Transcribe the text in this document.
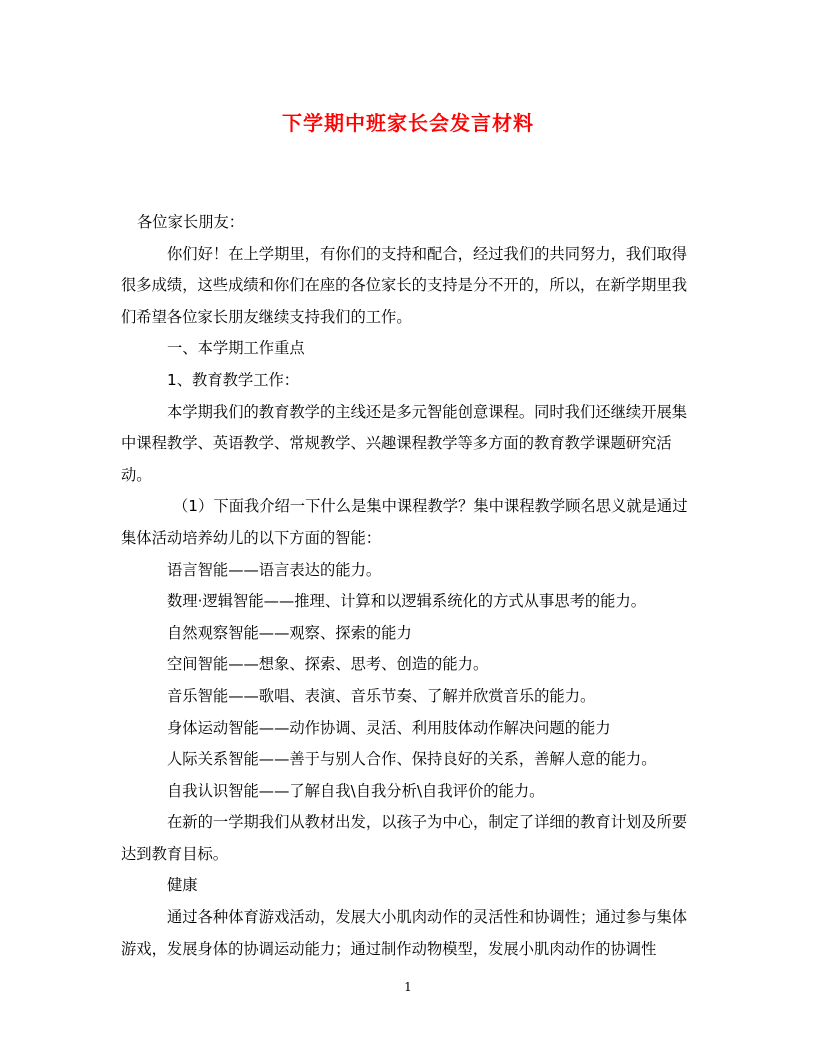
下学期中班家长会发言材料

各位家长朋友：

你们好！在上学期里，有你们的支持和配合，经过我们的共同努力，我们取得很多成绩，这些成绩和你们在座的各位家长的支持是分不开的，所以，在新学期里我们希望各位家长朋友继续支持我们的工作。

一、本学期工作重点

1、教育教学工作：

本学期我们的教育教学的主线还是多元智能创意课程。同时我们还继续开展集中课程教学、英语教学、常规教学、兴趣课程教学等多方面的教育教学课题研究活动。

（1）下面我介绍一下什么是集中课程教学？集中课程教学顾名思义就是通过集体活动培养幼儿的以下方面的智能：

语言智能——语言表达的能力。

数理·逻辑智能——推理、计算和以逻辑系统化的方式从事思考的能力。

自然观察智能——观察、探索的能力

空间智能——想象、探索、思考、创造的能力。

音乐智能——歌唱、表演、音乐节奏、了解并欣赏音乐的能力。

身体运动智能——动作协调、灵活、利用肢体动作解决问题的能力

人际关系智能——善于与别人合作、保持良好的关系，善解人意的能力。

自我认识智能——了解自我\自我分析\自我评价的能力。

在新的一学期我们从教材出发，以孩子为中心，制定了详细的教育计划及所要达到教育目标。

健康

通过各种体育游戏活动，发展大小肌肉动作的灵活性和协调性；通过参与集体游戏，发展身体的协调运动能力；通过制作动物模型，发展小肌肉动作的协调性

1
